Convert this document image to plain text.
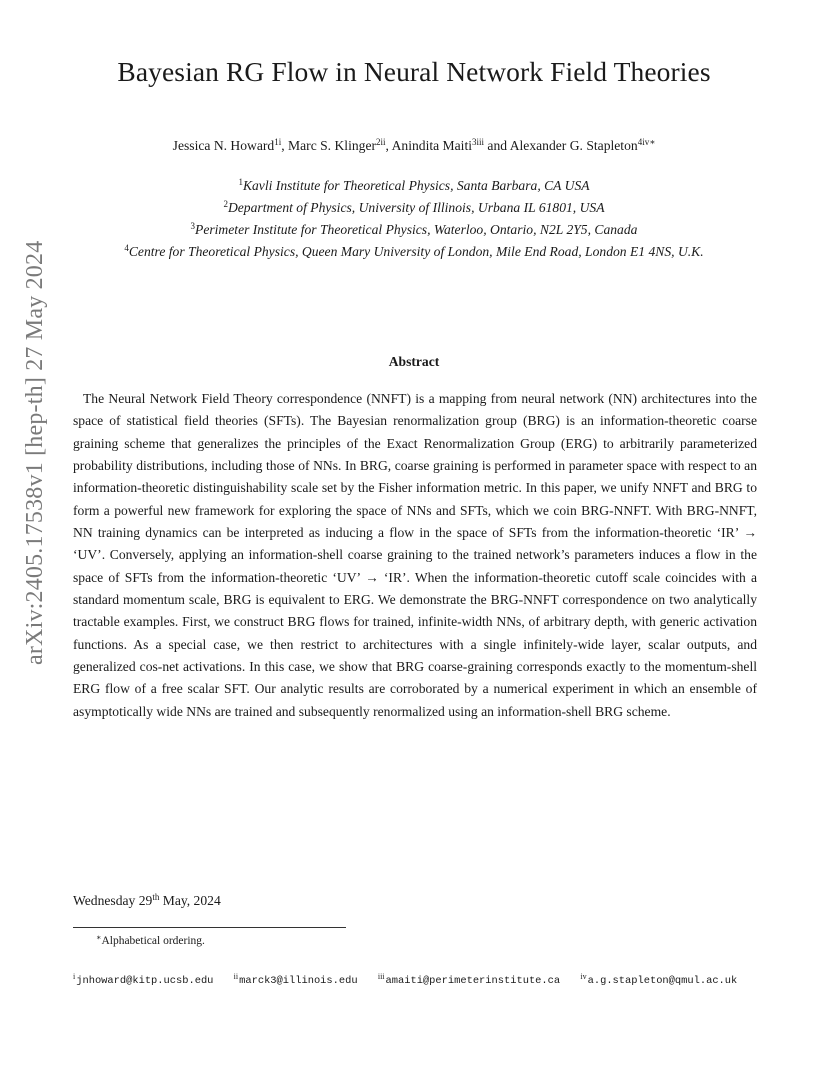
arXiv:2405.17538v1 [hep-th] 27 May 2024
Bayesian RG Flow in Neural Network Field Theories
Jessica N. Howard$^{1i}$, Marc S. Klinger$^{2ii}$, Anindita Maiti$^{3iii}$ and Alexander G. Stapleton$^{4iv∗}$
$^1$Kavli Institute for Theoretical Physics, Santa Barbara, CA USA
$^2$Department of Physics, University of Illinois, Urbana IL 61801, USA
$^3$Perimeter Institute for Theoretical Physics, Waterloo, Ontario, N2L 2Y5, Canada
$^4$Centre for Theoretical Physics, Queen Mary University of London, Mile End Road, London E1 4NS, U.K.
Abstract

The Neural Network Field Theory correspondence (NNFT) is a mapping from neural network (NN) architectures into the space of statistical field theories (SFTs). The Bayesian renormalization group (BRG) is an information-theoretic coarse graining scheme that generalizes the principles of the Exact Renormalization Group (ERG) to arbitrarily parameterized probability distributions, including those of NNs. In BRG, coarse graining is performed in parameter space with respect to an information-theoretic distinguishability scale set by the Fisher information metric. In this paper, we unify NNFT and BRG to form a powerful new framework for exploring the space of NNs and SFTs, which we coin BRG-NNFT. With BRG-NNFT, NN training dynamics can be interpreted as inducing a flow in the space of SFTs from the information-theoretic ‘IR’ → ‘UV’. Conversely, applying an information-shell coarse graining to the trained network’s parameters induces a flow in the space of SFTs from the information-theoretic ‘UV’ → ‘IR’. When the information-theoretic cutoff scale coincides with a standard momentum scale, BRG is equivalent to ERG. We demonstrate the BRG-NNFT correspondence on two analytically tractable examples. First, we construct BRG flows for trained, infinite-width NNs, of arbitrary depth, with generic activation functions. As a special case, we then restrict to architectures with a single infinitely-wide layer, scalar outputs, and generalized cos-net activations. In this case, we show that BRG coarse-graining corresponds exactly to the momentum-shell ERG flow of a free scalar SFT. Our analytic results are corroborated by a numerical experiment in which an ensemble of asymptotically wide NNs are trained and subsequently renormalized using an information-shell BRG scheme.

Wednesday 29th May, 2024
∗Alphabetical ordering.
$^i$jnhoward@kitp.ucsb.edu	$^{ii}$marck3@illinois.edu	$^{iii}$amaiti@perimeterinstitute.ca	$^{iv}$a.g.stapleton@qmul.ac.uk
